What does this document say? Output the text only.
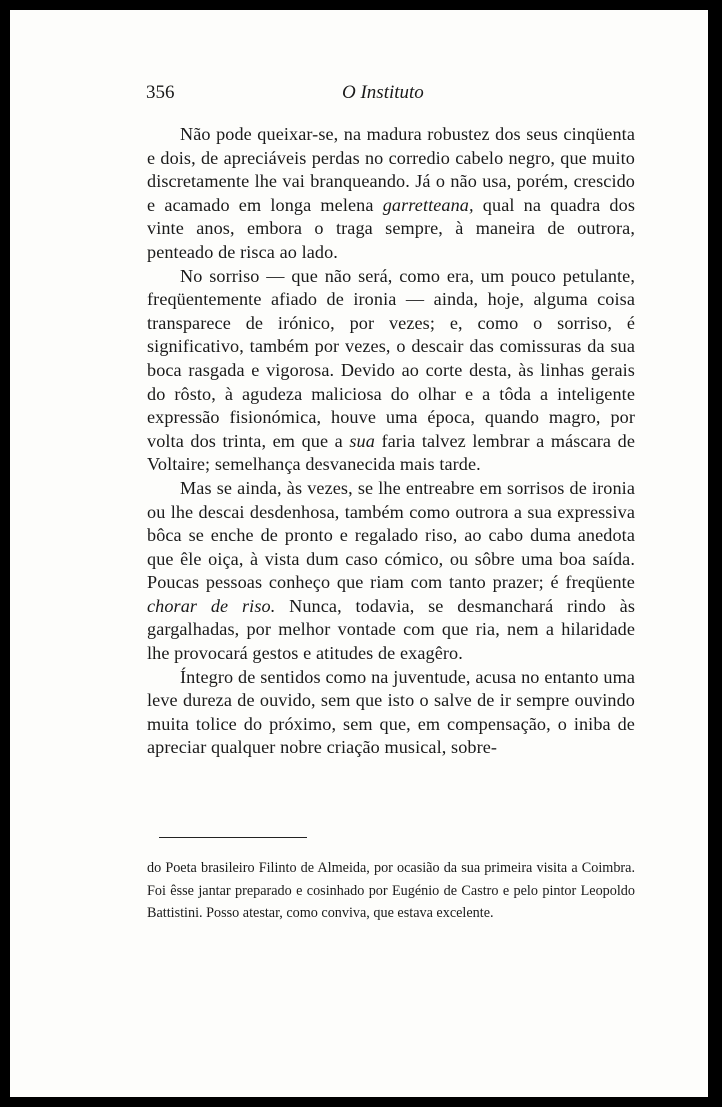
356	O Instituto

Não pode queixar-se, na madura robustez dos seus cinqüenta e dois, de apreciáveis perdas no corredio cabelo negro, que muito discretamente lhe vai branqueando. Já o não usa, porém, crescido e acamado em longa melena garretteana, qual na quadra dos vinte anos, embora o traga sempre, à maneira de outrora, penteado de risca ao lado.

No sorriso — que não será, como era, um pouco petulante, freqüentemente afiado de ironia — ainda, hoje, alguma coisa transparece de irónico, por vezes; e, como o sorriso, é significativo, também por vezes, o descair das comissuras da sua boca rasgada e vigorosa. Devido ao corte desta, às linhas gerais do rôsto, à agudeza maliciosa do olhar e a tôda a inteligente expressão fisionómica, houve uma época, quando magro, por volta dos trinta, em que a sua faria talvez lembrar a máscara de Voltaire; semelhança desvanecida mais tarde.

Mas se ainda, às vezes, se lhe entreabre em sorrisos de ironia ou lhe descai desdenhosa, também como outrora a sua expressiva bôca se enche de pronto e regalado riso, ao cabo duma anedota que êle oiça, à vista dum caso cómico, ou sôbre uma boa saída. Poucas pessoas conheço que riam com tanto prazer; é freqüente chorar de riso. Nunca, todavia, se desmanchará rindo às gargalhadas, por melhor vontade com que ria, nem a hilaridade lhe provocará gestos e atitudes de exagêro.

Íntegro de sentidos como na juventude, acusa no entanto uma leve dureza de ouvido, sem que isto o salve de ir sempre ouvindo muita tolice do próximo, sem que, em compensação, o iniba de apreciar qualquer nobre criação musical, sobre-

do Poeta brasileiro Filinto de Almeida, por ocasião da sua primeira visita a Coimbra. Foi êsse jantar preparado e cosinhado por Eugénio de Castro e pelo pintor Leopoldo Battistini. Posso atestar, como conviva, que estava excelente.
